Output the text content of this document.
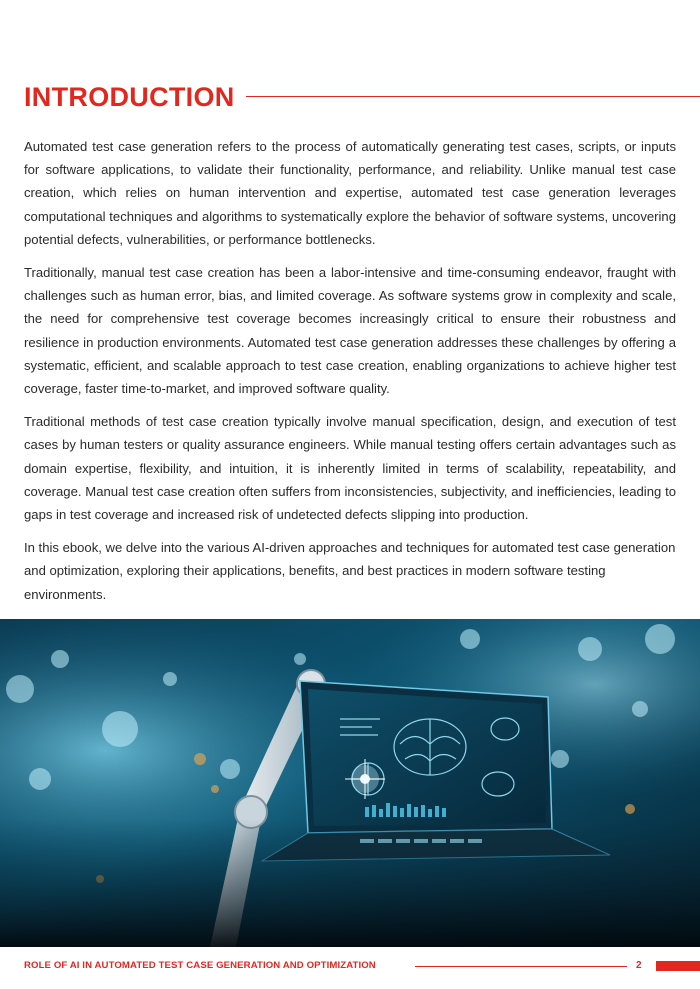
INTRODUCTION

Automated test case generation refers to the process of automatically generating test cases, scripts, or inputs for software applications, to validate their functionality, performance, and reliability. Unlike manual test case creation, which relies on human intervention and expertise, automated test case generation leverages computational techniques and algorithms to systematically explore the behavior of software systems, uncovering potential defects, vulnerabilities, or performance bottlenecks.

Traditionally, manual test case creation has been a labor-intensive and time-consuming endeavor, fraught with challenges such as human error, bias, and limited coverage. As software systems grow in complexity and scale, the need for comprehensive test coverage becomes increasingly critical to ensure their robustness and resilience in production environments. Automated test case generation addresses these challenges by offering a systematic, efficient, and scalable approach to test case creation, enabling organizations to achieve higher test coverage, faster time-to-market, and improved software quality.

Traditional methods of test case creation typically involve manual specification, design, and execution of test cases by human testers or quality assurance engineers. While manual testing offers certain advantages such as domain expertise, flexibility, and intuition, it is inherently limited in terms of scalability, repeatability, and coverage. Manual test case creation often suffers from inconsistencies, subjectivity, and inefficiencies, leading to gaps in test coverage and increased risk of undetected defects slipping into production.

In this ebook, we delve into the various AI-driven approaches and techniques for automated test case generation and optimization, exploring their applications, benefits, and best practices in modern software testing environments.

ROLE OF AI IN AUTOMATED TEST CASE GENERATION AND OPTIMIZATION	2
